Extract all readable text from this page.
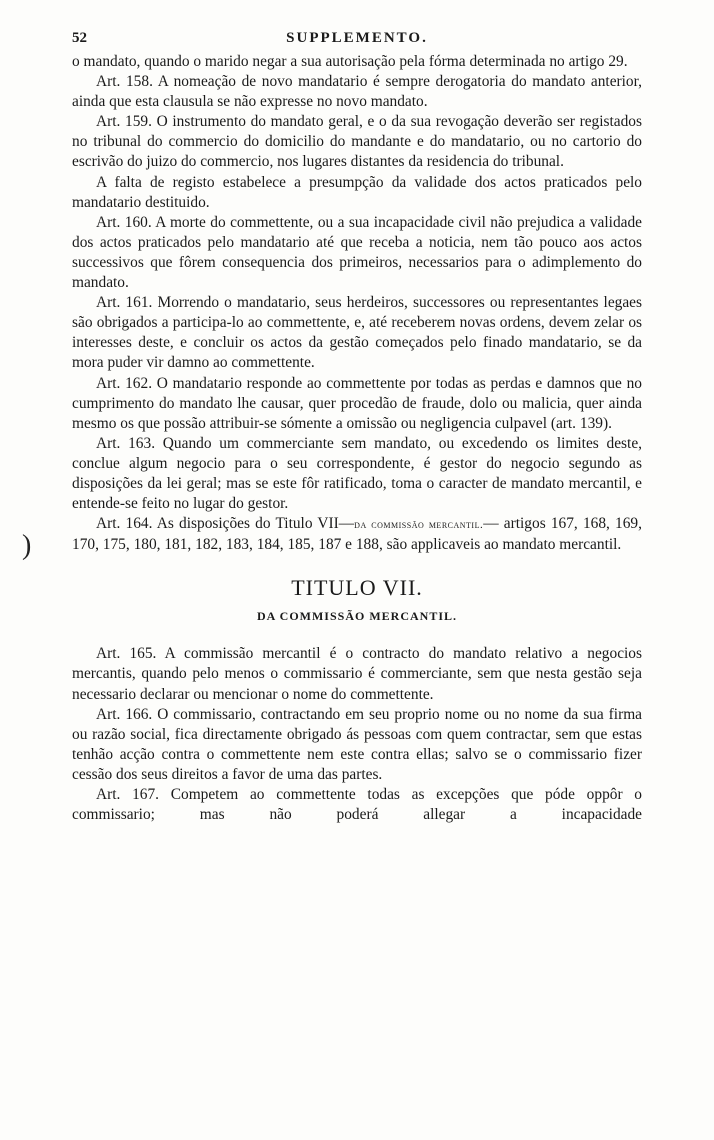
)
52	SUPPLEMENTO.

o mandato, quando o marido negar a sua autorisação pela fórma determinada no artigo 29.

Art. 158. A nomeação de novo mandatario é sempre derogatoria do mandato anterior, ainda que esta clausula se não expresse no novo mandato.

Art. 159. O instrumento do mandato geral, e o da sua revogação deverão ser registados no tribunal do commercio do domicilio do mandante e do mandatario, ou no cartorio do escrivão do juizo do commercio, nos lugares distantes da residencia do tribunal.

A falta de registo estabelece a presumpção da validade dos actos praticados pelo mandatario destituido.

Art. 160. A morte do commettente, ou a sua incapacidade civil não prejudica a validade dos actos praticados pelo mandatario até que receba a noticia, nem tão pouco aos actos successivos que fôrem consequencia dos primeiros, necessarios para o adimplemento do mandato.

Art. 161. Morrendo o mandatario, seus herdeiros, successores ou representantes legaes são obrigados a participa-lo ao commettente, e, até receberem novas ordens, devem zelar os interesses deste, e concluir os actos da gestão começados pelo finado mandatario, se da mora puder vir damno ao commettente.

Art. 162. O mandatario responde ao commettente por todas as perdas e damnos que no cumprimento do mandato lhe causar, quer procedão de fraude, dolo ou malicia, quer ainda mesmo os que possão attribuir-se sómente a omissão ou negligencia culpavel (art. 139).

Art. 163. Quando um commerciante sem mandato, ou excedendo os limites deste, conclue algum negocio para o seu correspondente, é gestor do negocio segundo as disposições da lei geral; mas se este fôr ratificado, toma o caracter de mandato mercantil, e entende-se feito no lugar do gestor.

Art. 164. As disposições do Titulo VII—da commissão mercantil.— artigos 167, 168, 169, 170, 175, 180, 181, 182, 183, 184, 185, 187 e 188, são applicaveis ao mandato mercantil.

TITULO VII.
DA COMMISSÃO MERCANTIL.

Art. 165. A commissão mercantil é o contracto do mandato relativo a negocios mercantis, quando pelo menos o commissario é commerciante, sem que nesta gestão seja necessario declarar ou mencionar o nome do commettente.

Art. 166. O commissario, contractando em seu proprio nome ou no nome da sua firma ou razão social, fica directamente obrigado ás pessoas com quem contractar, sem que estas tenhão acção contra o commettente nem este contra ellas; salvo se o commissario fizer cessão dos seus direitos a favor de uma das partes.

Art. 167. Competem ao commettente todas as excepções que póde oppôr o commissario; mas não poderá allegar a incapacidade
